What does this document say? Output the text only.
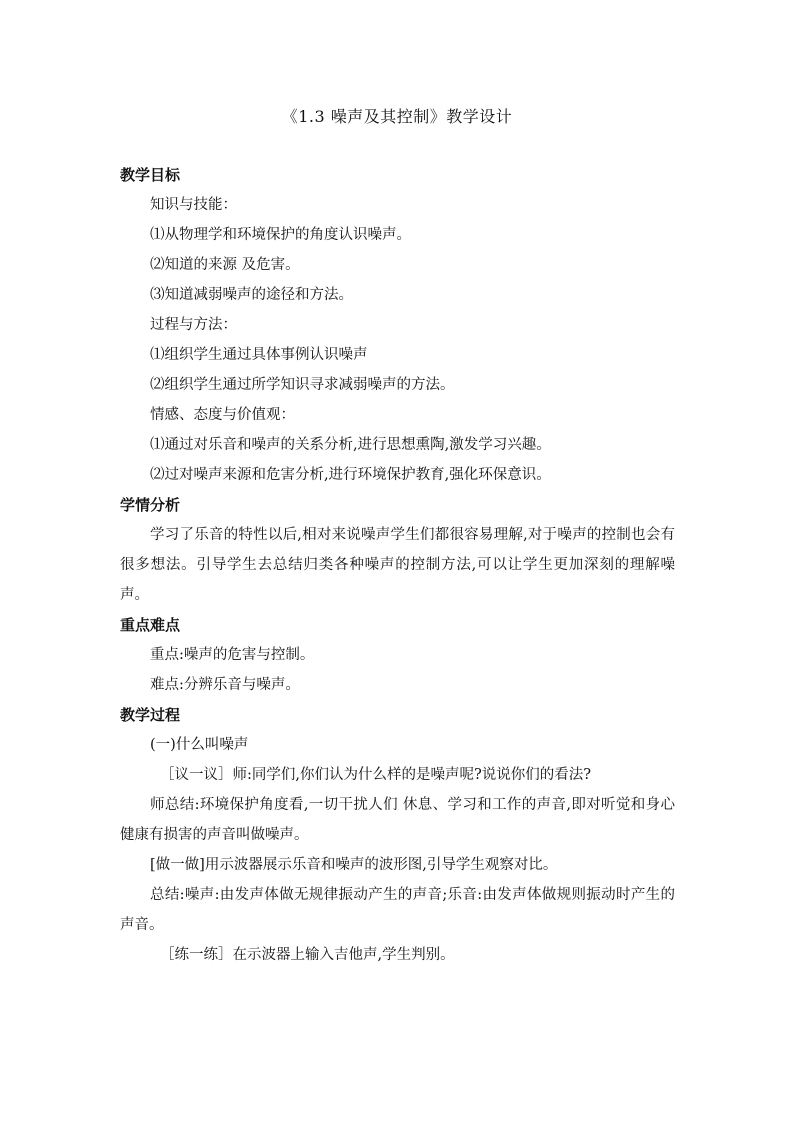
《1.3 噪声及其控制》教学设计
教学目标
知识与技能：
⑴从物理学和环境保护的角度认识噪声。
⑵知道的来源 及危害。
⑶知道减弱噪声的途径和方法。
过程与方法：
⑴组织学生通过具体事例认识噪声
⑵组织学生通过所学知识寻求减弱噪声的方法。
情感、态度与价值观：
⑴通过对乐音和噪声的关系分析,进行思想熏陶,激发学习兴趣。
⑵过对噪声来源和危害分析,进行环境保护教育,强化环保意识。
学情分析
学习了乐音的特性以后,相对来说噪声学生们都很容易理解,对于噪声的控制也会有很多想法。引导学生去总结归类各种噪声的控制方法,可以让学生更加深刻的理解噪声。
重点难点
重点:噪声的危害与控制。
难点:分辨乐音与噪声。
教学过程
(一)什么叫噪声
［议一议］师:同学们,你们认为什么样的是噪声呢?说说你们的看法?
师总结:环境保护角度看,一切干扰人们 休息、学习和工作的声音,即对听觉和身心健康有损害的声音叫做噪声。
[做一做]用示波器展示乐音和噪声的波形图,引导学生观察对比。
总结:噪声:由发声体做无规律振动产生的声音;乐音:由发声体做规则振动时产生的声音。
［练一练］在示波器上输入吉他声,学生判别。
